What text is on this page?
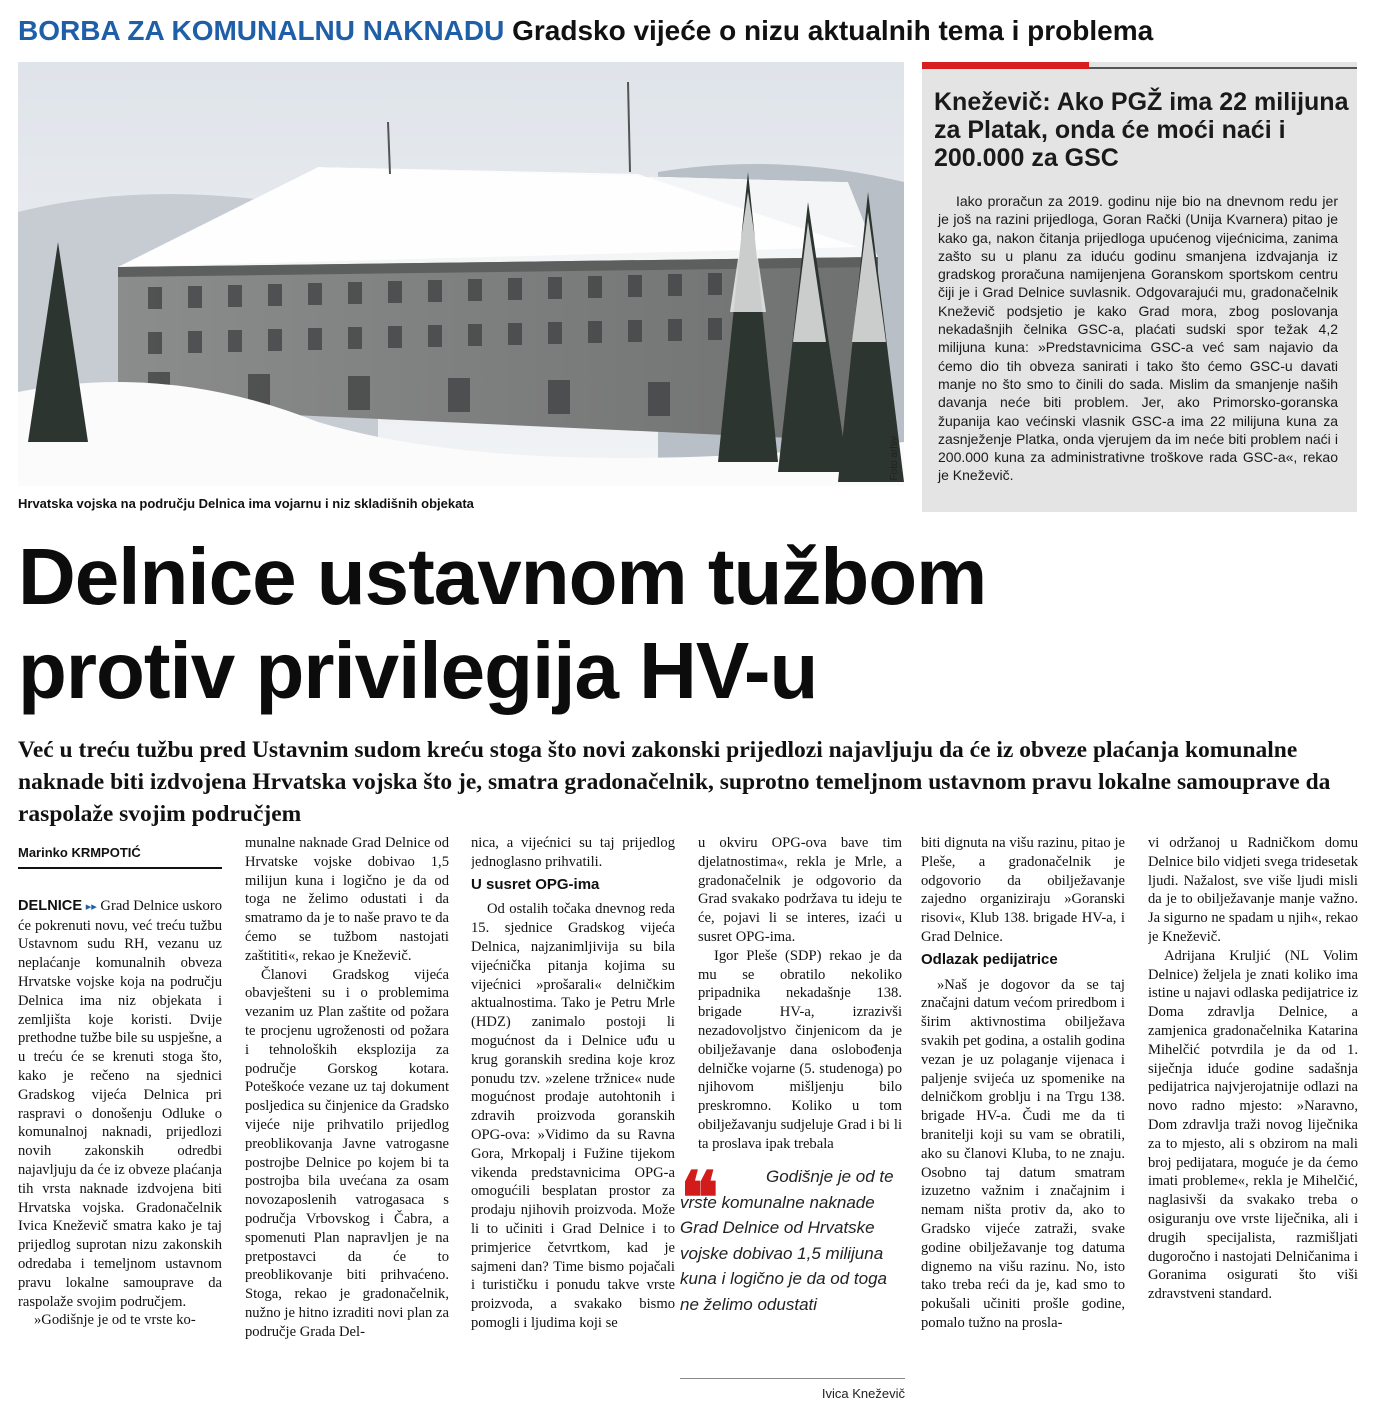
BORBA ZA KOMUNALNU NAKNADU Gradsko vijeće o nizu aktualnih tema i problema
Foto arhiv
Hrvatska vojska na području Delnica ima vojarnu i niz skladišnih objekata
Kneževič: Ako PGŽ ima 22 milijuna za Platak, onda će moći naći i 200.000 za GSC
Iako proračun za 2019. godinu nije bio na dnevnom redu jer je još na razini prijedloga, Goran Rački (Unija Kvarnera) pitao je kako ga, nakon čitanja prijedloga upućenog vijećnicima, zanima zašto su u planu za iduću godinu smanjena izdvajanja iz gradskog proračuna namijenjena Goranskom sportskom centru čiji je i Grad Delnice suvlasnik. Odgovarajući mu, gradonačelnik Kneževič podsjetio je kako Grad mora, zbog poslovanja nekadašnjih čelnika GSC-a, plaćati sudski spor težak 4,2 milijuna kuna: »Predstavnicima GSC-a već sam najavio da ćemo dio tih obveza sanirati i tako što ćemo GSC-u davati manje no što smo to činili do sada. Mislim da smanjenje naših davanja neće biti problem. Jer, ako Primorsko-goranska županija kao većinski vlasnik GSC-a ima 22 milijuna kuna za zasnježenje Platka, onda vjerujem da im neće biti problem naći i 200.000 kuna za administrativne troškove rada GSC-a«, rekao je Kneževič.
Delnice ustavnom tužbom
protiv privilegija HV-u
Već u treću tužbu pred Ustavnim sudom kreću stoga što novi zakonski prijedlozi najavljuju da će iz obveze plaćanja komunalne naknade biti izdvojena Hrvatska vojska što je, smatra gradonačelnik, suprotno temeljnom ustavnom pravu lokalne samouprave da raspolaže svojim područjem
Marinko KRMPOTIĆ

DELNICE ▸▸ Grad Delnice uskoro će pokrenuti novu, već treću tužbu Ustavnom sudu RH, vezanu uz neplaćanje komunalnih obveza Hrvatske vojske koja na području Delnica ima niz objekata i zemljišta koje koristi. Dvije prethodne tužbe bile su uspješne, a u treću će se krenuti stoga što, kako je rečeno na sjednici Gradskog vijeća Delnica pri raspravi o donošenju Odluke o komunalnoj naknadi, prijedlozi novih zakonskih odredbi najavljuju da će iz obveze plaćanja tih vrsta naknade izdvojena biti Hrvatska vojska. Gradonačelnik Ivica Kneževič smatra kako je taj prijedlog suprotan nizu zakonskih odredaba i temeljnom ustavnom pravu lokalne samouprave da raspolaže svojim područjem.

»Godišnje je od te vrste ko-

munalne naknade Grad Delnice od Hrvatske vojske dobivao 1,5 milijun kuna i logično je da od toga ne želimo odustati i da smatramo da je to naše pravo te da ćemo se tužbom nastojati zaštititi«, rekao je Kneževič.

Članovi Gradskog vijeća obavješteni su i o problemima vezanim uz Plan zaštite od požara te procjenu ugroženosti od požara i tehnoloških eksplozija za područje Gorskog kotara. Poteškoće vezane uz taj dokument posljedica su činjenice da Gradsko vijeće nije prihvatilo prijedlog preoblikovanja Javne vatrogasne postrojbe Delnice po kojem bi ta postrojba bila uvećana za osam novozaposlenih vatrogasaca s područja Vrbovskog i Čabra, a spomenuti Plan napravljen je na pretpostavci da će to preoblikovanje biti prihvaćeno. Stoga, rekao je gradonačelnik, nužno je hitno izraditi novi plan za područje Grada Del-

nica, a vijećnici su taj prijedlog jednoglasno prihvatili.

U susret OPG-ima

Od ostalih točaka dnevnog reda 15. sjednice Gradskog vijeća Delnica, najzanimljivija su bila vijećnička pitanja kojima su vijećnici »prošarali« delničkim aktualnostima. Tako je Petru Mrle (HDZ) zanimalo postoji li mogućnost da i Delnice uđu u krug goranskih sredina koje kroz ponudu tzv. »zelene tržnice« nude mogućnost prodaje autohtonih i zdravih proizvoda goranskih OPG-ova: »Vidimo da su Ravna Gora, Mrkopalj i Fužine tijekom vikenda predstavnicima OPG-a omogućili besplatan prostor za prodaju njihovih proizvoda. Može li to učiniti i Grad Delnice i to primjerice četvrtkom, kad je sajmeni dan? Time bismo pojačali i turističku i ponudu takve vrste proizvoda, a svakako bismo pomogli i ljudima koji se

u okviru OPG-ova bave tim djelatnostima«, rekla je Mrle, a gradonačelnik je odgovorio da Grad svakako podržava tu ideju te će, pojavi li se interes, izaći u susret OPG-ima.

Igor Pleše (SDP) rekao je da mu se obratilo nekoliko pripadnika nekadašnje 138. brigade HV-a, izrazivši nezadovoljstvo činjenicom da je obilježavanje dana oslobođenja delničke vojarne (5. studenoga) po njihovom mišljenju bilo preskromno. Koliko u tom obilježavanju sudjeluje Grad i bi li ta proslava ipak trebala

biti dignuta na višu razinu, pitao je Pleše, a gradonačelnik je odgovorio da obilježavanje zajedno organiziraju »Goranski risovi«, Klub 138. brigade HV-a, i Grad Delnice.

Odlazak pedijatrice

»Naš je dogovor da se taj značajni datum većom priredbom i širim aktivnostima obilježava svakih pet godina, a ostalih godina vezan je uz polaganje vijenaca i paljenje svijeća uz spomenike na delničkom groblju i na Trgu 138. brigade HV-a. Čudi me da ti branitelji koji su vam se obratili, ako su članovi Kluba, to ne znaju. Osobno taj datum smatram izuzetno važnim i značajnim i nemam ništa protiv da, ako to Gradsko vijeće zatraži, svake godine obilježavanje tog datuma dignemo na višu razinu. No, isto tako treba reći da je, kad smo to pokušali učiniti prošle godine, pomalo tužno na prosla-

vi održanoj u Radničkom domu Delnice bilo vidjeti svega tridesetak ljudi. Nažalost, sve više ljudi misli da je to obilježavanje manje važno. Ja sigurno ne spadam u njih«, rekao je Kneževič.

Adrijana Kruljić (NL Volim Delnice) željela je znati koliko ima istine u najavi odlaska pedijatrice iz Doma zdravlja Delnice, a zamjenica gradonačelnika Katarina Mihelčić potvrdila je da od 1. siječnja iduće godine sadašnja pedijatrica najvjerojatnije odlazi na novo radno mjesto: »Naravno, Dom zdravlja traži novog liječnika za to mjesto, ali s obzirom na mali broj pedijatara, moguće je da ćemo imati probleme«, rekla je Mihelčić, naglasivši da svakako treba o osiguranju ove vrste liječnika, ali i drugih specijalista, razmišljati dugoročno i nastojati Delničanima i Goranima osigurati što viši zdravstveni standard.

❝	Godišnje je od te vrste komunalne naknade Grad Delnice od Hrvatske vojske dobivao 1,5 milijuna kuna i logično je da od toga ne želimo odustati
Ivica Kneževič
